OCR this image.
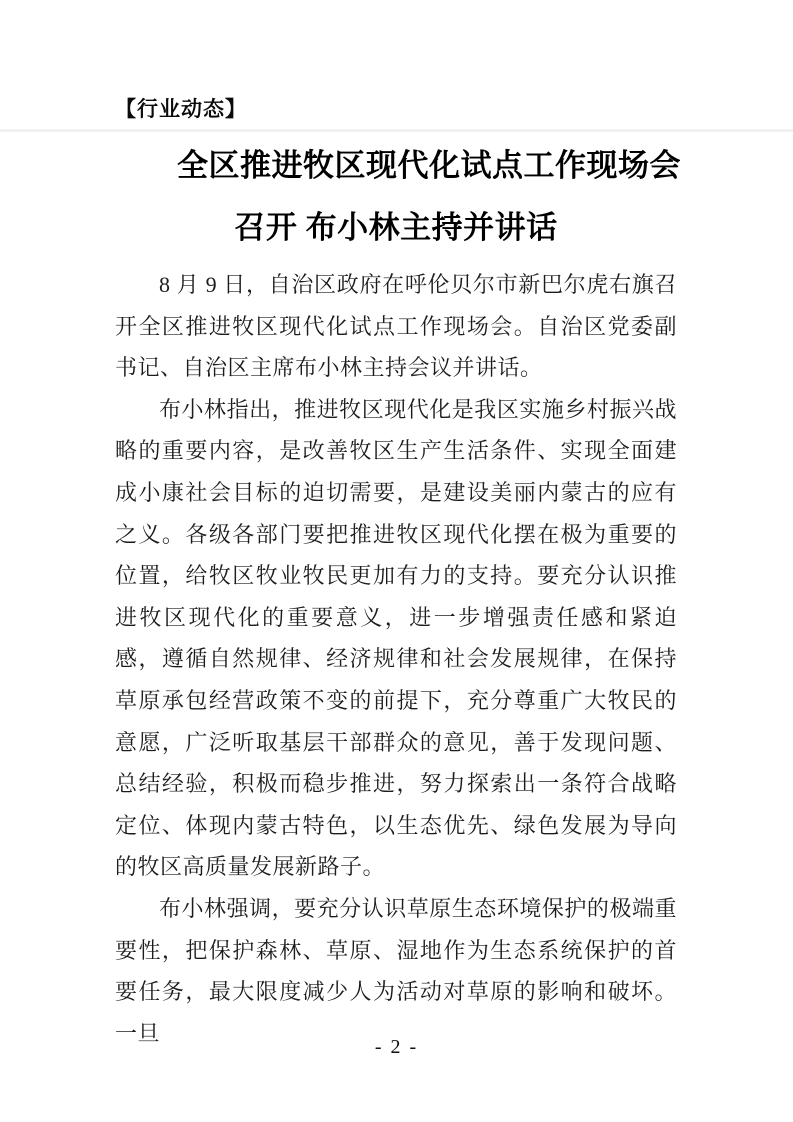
【行业动态】
全区推进牧区现代化试点工作现场会
召开 布小林主持并讲话

8 月 9 日，自治区政府在呼伦贝尔市新巴尔虎右旗召开全区推进牧区现代化试点工作现场会。自治区党委副书记、自治区主席布小林主持会议并讲话。

布小林指出，推进牧区现代化是我区实施乡村振兴战略的重要内容，是改善牧区生产生活条件、实现全面建成小康社会目标的迫切需要，是建设美丽内蒙古的应有之义。各级各部门要把推进牧区现代化摆在极为重要的位置，给牧区牧业牧民更加有力的支持。要充分认识推进牧区现代化的重要意义，进一步增强责任感和紧迫感，遵循自然规律、经济规律和社会发展规律，在保持草原承包经营政策不变的前提下，充分尊重广大牧民的意愿，广泛听取基层干部群众的意见，善于发现问题、总结经验，积极而稳步推进，努力探索出一条符合战略定位、体现内蒙古特色，以生态优先、绿色发展为导向的牧区高质量发展新路子。

布小林强调，要充分认识草原生态环境保护的极端重要性，把保护森林、草原、湿地作为生态系统保护的首要任务，最大限度减少人为活动对草原的影响和破坏。一旦

- 2 -
